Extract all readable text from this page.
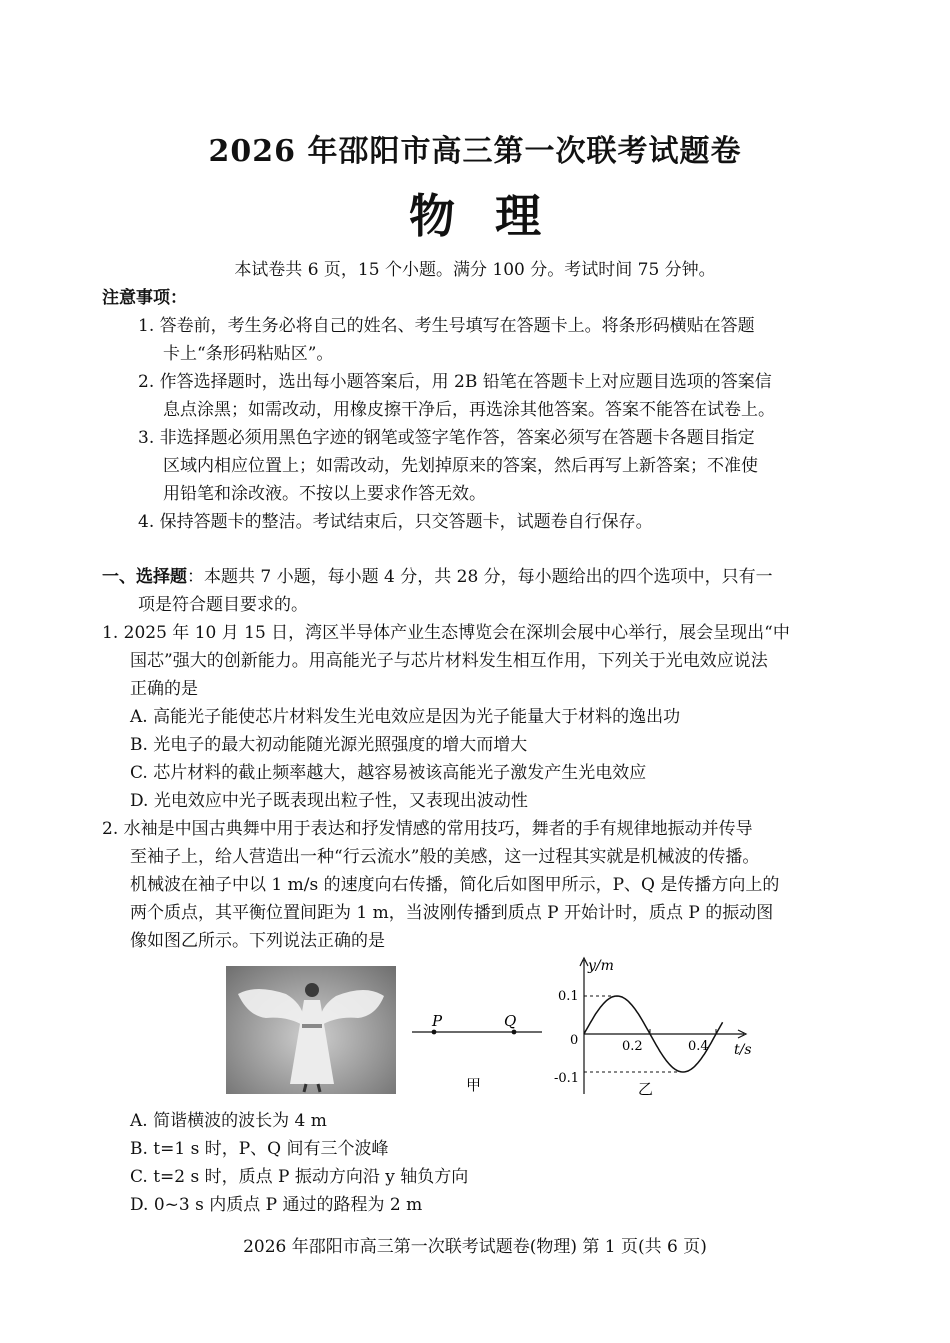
2026 年邵阳市高三第一次联考试题卷
物理
本试卷共 6 页，15 个小题。满分 100 分。考试时间 75 分钟。
注意事项：
1. 答卷前，考生务必将自己的姓名、考生号填写在答题卡上。将条形码横贴在答题
卡上“条形码粘贴区”。
2. 作答选择题时，选出每小题答案后，用 2B 铅笔在答题卡上对应题目选项的答案信
息点涂黑；如需改动，用橡皮擦干净后，再选涂其他答案。答案不能答在试卷上。
3. 非选择题必须用黑色字迹的钢笔或签字笔作答，答案必须写在答题卡各题目指定
区域内相应位置上；如需改动，先划掉原来的答案，然后再写上新答案；不准使
用铅笔和涂改液。不按以上要求作答无效。
4. 保持答题卡的整洁。考试结束后，只交答题卡，试题卷自行保存。
一、选择题：本题共 7 小题，每小题 4 分，共 28 分，每小题给出的四个选项中，只有一
项是符合题目要求的。
1. 2025 年 10 月 15 日，湾区半导体产业生态博览会在深圳会展中心举行，展会呈现出“中
国芯”强大的创新能力。用高能光子与芯片材料发生相互作用，下列关于光电效应说法
正确的是
A. 高能光子能使芯片材料发生光电效应是因为光子能量大于材料的逸出功
B. 光电子的最大初动能随光源光照强度的增大而增大
C. 芯片材料的截止频率越大，越容易被该高能光子激发产生光电效应
D. 光电效应中光子既表现出粒子性，又表现出波动性
2. 水袖是中国古典舞中用于表达和抒发情感的常用技巧，舞者的手有规律地振动并传导
至袖子上，给人营造出一种“行云流水”般的美感，这一过程其实就是机械波的传播。
机械波在袖子中以 1 m/s 的速度向右传播，简化后如图甲所示，P、Q 是传播方向上的
两个质点，其平衡位置间距为 1 m，当波刚传播到质点 P 开始计时，质点 P 的振动图
像如图乙所示。下列说法正确的是
P	Q
甲
y/m
t/s
0.1
-0.1
0	0.2	0.4
乙
A. 简谐横波的波长为 4 m
B. t=1 s 时，P、Q 间有三个波峰
C. t=2 s 时，质点 P 振动方向沿 y 轴负方向
D. 0~3 s 内质点 P 通过的路程为 2 m
2026 年邵阳市高三第一次联考试题卷(物理) 第 1 页(共 6 页)
